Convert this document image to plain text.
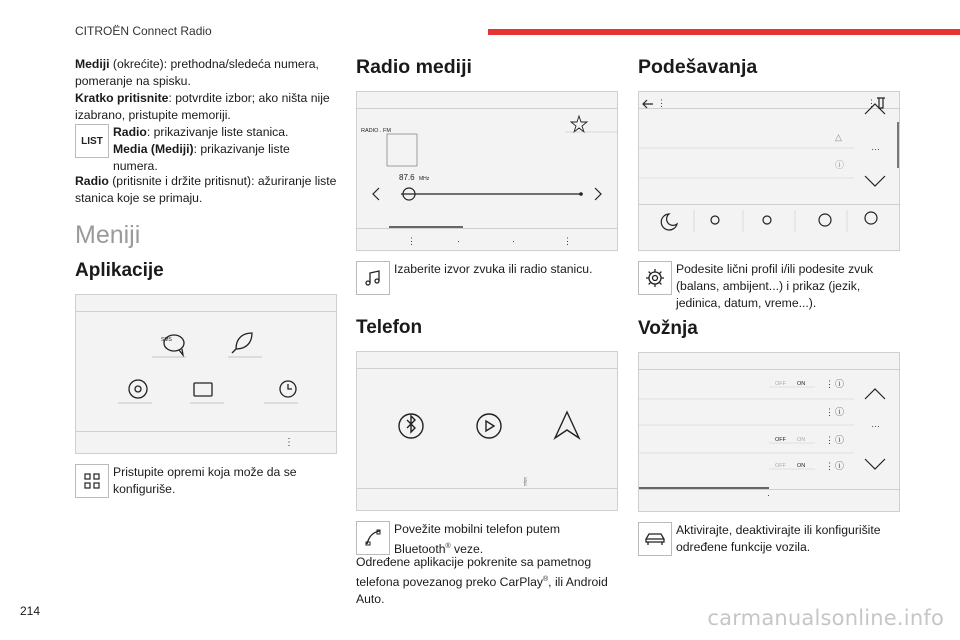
CITROËN Connect Radio

Mediji (okrećite): prethodna/sledeća numera, pomeranje na spisku.

Kratko pritisnite: potvrdite izbor; ako ništa nije izabrano, pristupite memoriji.

LIST
Radio: prikazivanje liste stanica.
Media (Mediji): prikazivanje liste numera.

Radio (pritisnite i držite pritisnut): ažuriranje liste stanica koje se primaju.

Meniji
Aplikacije
SMS
⋮
Pristupite opremi koja može da se konfiguriše.
Radio mediji
RADIO . FM
87.6 MHz
⋮	·	·	⋮
Izaberite izvor zvuka ili radio stanicu.
Telefon
∦
Povežite mobilni telefon putem Bluetooth® veze.

Određene aplikacije pokrenite sa pametnog telefona povezanog preko CarPlay®, ili Android Auto.

Podešavanja
△
ⓘ
…
⋮	⋮
Podesite lični profil i/ili podesite zvuk (balans, ambijent...) i prikaz (jezik, jedinica, datum, vreme...).
Vožnja
OFF ON
OFF ON
OFF ON
⋮ ⓘ
⋮ ⓘ
⋮ ⓘ
⋮ ⓘ
…
·
Aktivirajte, deaktivirajte ili konfigurišite određene funkcije vozila.
214	carmanualsonline.info
